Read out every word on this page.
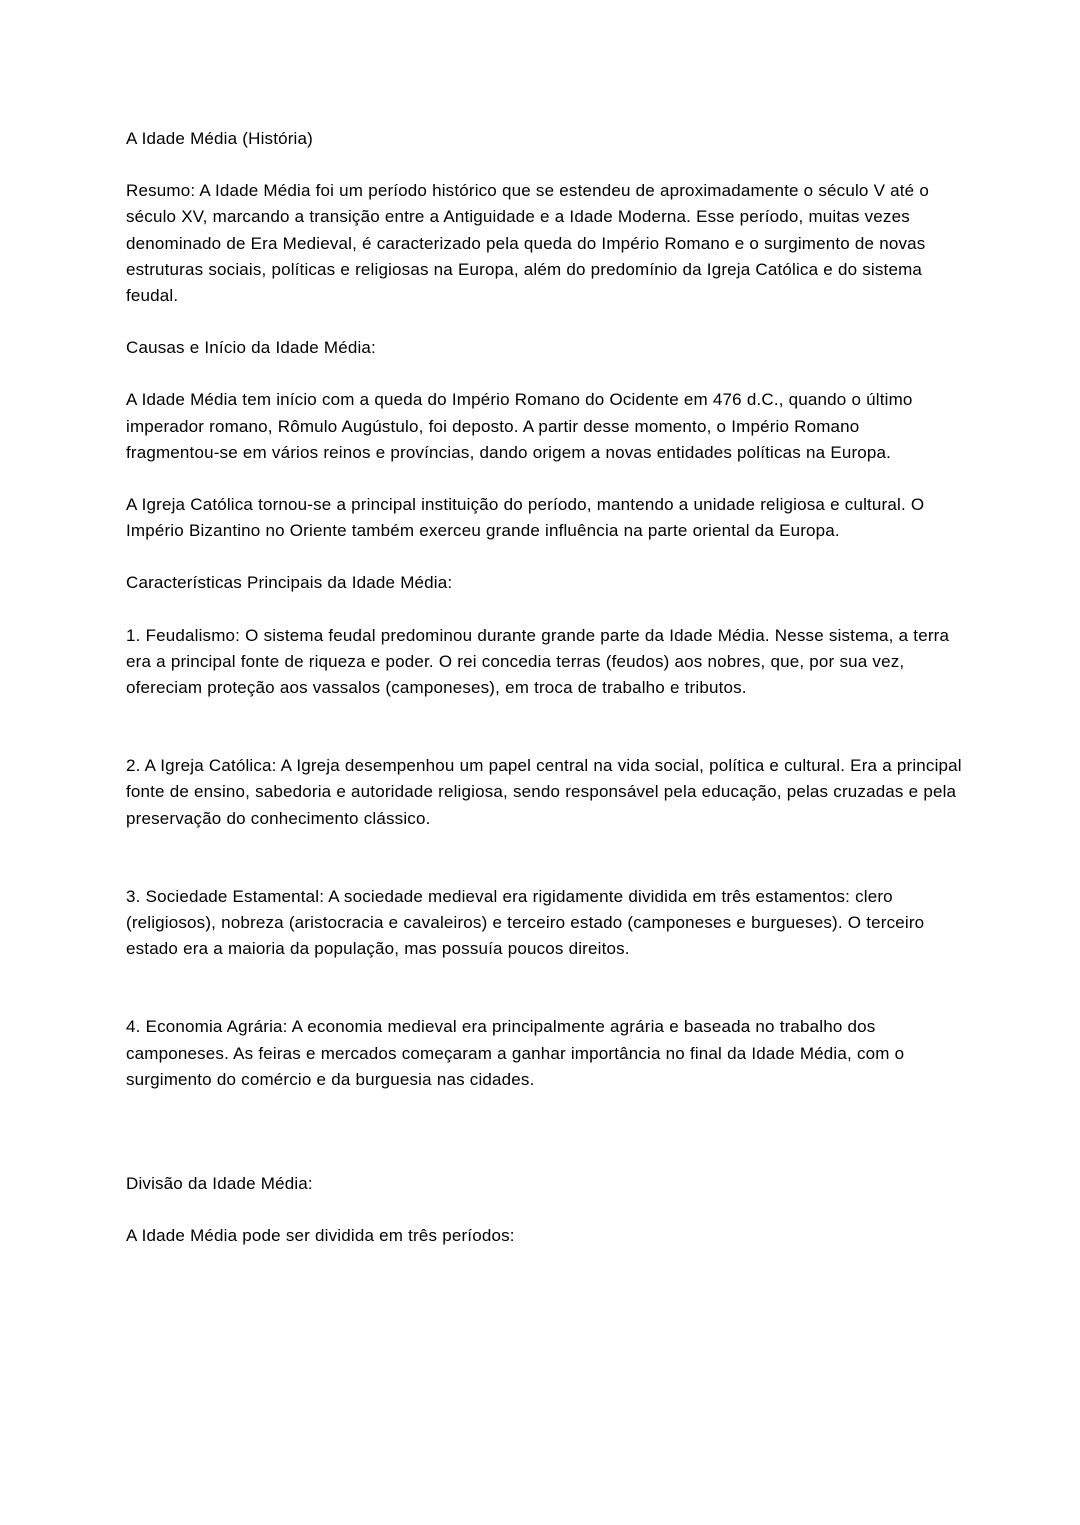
A Idade Média (História)

Resumo: A Idade Média foi um período histórico que se estendeu de aproximadamente o século V até o século XV, marcando a transição entre a Antiguidade e a Idade Moderna. Esse período, muitas vezes denominado de Era Medieval, é caracterizado pela queda do Império Romano e o surgimento de novas estruturas sociais, políticas e religiosas na Europa, além do predomínio da Igreja Católica e do sistema feudal.

Causas e Início da Idade Média:

A Idade Média tem início com a queda do Império Romano do Ocidente em 476 d.C., quando o último imperador romano, Rômulo Augústulo, foi deposto. A partir desse momento, o Império Romano fragmentou-se em vários reinos e províncias, dando origem a novas entidades políticas na Europa.

A Igreja Católica tornou-se a principal instituição do período, mantendo a unidade religiosa e cultural. O Império Bizantino no Oriente também exerceu grande influência na parte oriental da Europa.

Características Principais da Idade Média:

1. Feudalismo: O sistema feudal predominou durante grande parte da Idade Média. Nesse sistema, a terra era a principal fonte de riqueza e poder. O rei concedia terras (feudos) aos nobres, que, por sua vez, ofereciam proteção aos vassalos (camponeses), em troca de trabalho e tributos.

2. A Igreja Católica: A Igreja desempenhou um papel central na vida social, política e cultural. Era a principal fonte de ensino, sabedoria e autoridade religiosa, sendo responsável pela educação, pelas cruzadas e pela preservação do conhecimento clássico.

3. Sociedade Estamental: A sociedade medieval era rigidamente dividida em três estamentos: clero (religiosos), nobreza (aristocracia e cavaleiros) e terceiro estado (camponeses e burgueses). O terceiro estado era a maioria da população, mas possuía poucos direitos.

4. Economia Agrária: A economia medieval era principalmente agrária e baseada no trabalho dos camponeses. As feiras e mercados começaram a ganhar importância no final da Idade Média, com o surgimento do comércio e da burguesia nas cidades.

Divisão da Idade Média:

A Idade Média pode ser dividida em três períodos:
